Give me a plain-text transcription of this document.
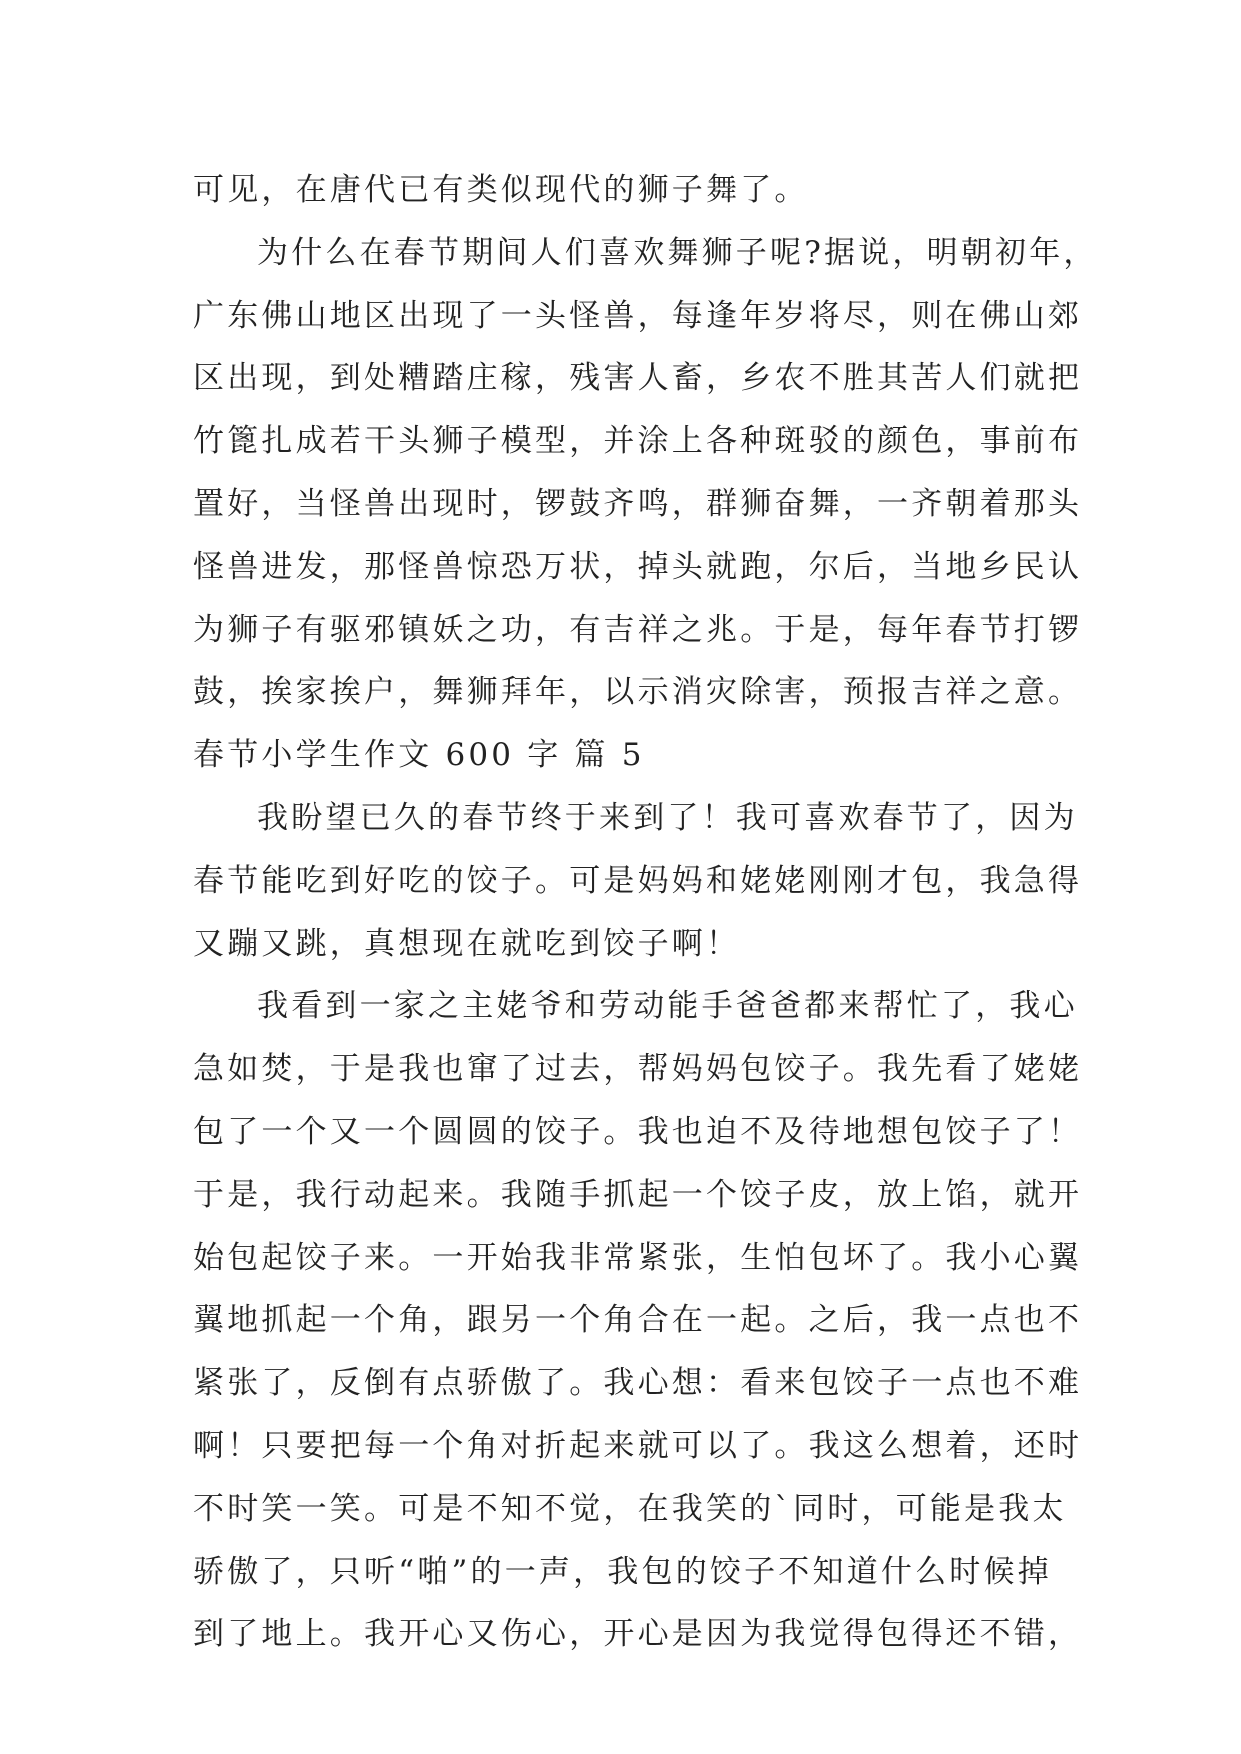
可见，在唐代已有类似现代的狮子舞了。
为什么在春节期间人们喜欢舞狮子呢?据说，明朝初年，
广东佛山地区出现了一头怪兽，每逢年岁将尽，则在佛山郊
区出现，到处糟踏庄稼，残害人畜，乡农不胜其苦人们就把
竹篦扎成若干头狮子模型，并涂上各种斑驳的颜色，事前布
置好，当怪兽出现时，锣鼓齐鸣，群狮奋舞，一齐朝着那头
怪兽进发，那怪兽惊恐万状，掉头就跑，尔后，当地乡民认
为狮子有驱邪镇妖之功，有吉祥之兆。于是，每年春节打锣
鼓，挨家挨户，舞狮拜年，以示消灾除害，预报吉祥之意。
春节小学生作文 600 字 篇 5
我盼望已久的春节终于来到了！我可喜欢春节了，因为
春节能吃到好吃的饺子。可是妈妈和姥姥刚刚才包，我急得
又蹦又跳，真想现在就吃到饺子啊！
我看到一家之主姥爷和劳动能手爸爸都来帮忙了，我心
急如焚，于是我也窜了过去，帮妈妈包饺子。我先看了姥姥
包了一个又一个圆圆的饺子。我也迫不及待地想包饺子了！
于是，我行动起来。我随手抓起一个饺子皮，放上馅，就开
始包起饺子来。一开始我非常紧张，生怕包坏了。我小心翼
翼地抓起一个角，跟另一个角合在一起。之后，我一点也不
紧张了，反倒有点骄傲了。我心想：看来包饺子一点也不难
啊！只要把每一个角对折起来就可以了。我这么想着，还时
不时笑一笑。可是不知不觉，在我笑的`同时，可能是我太
骄傲了，只听“啪”的一声，我包的饺子不知道什么时候掉
到了地上。我开心又伤心，开心是因为我觉得包得还不错，
